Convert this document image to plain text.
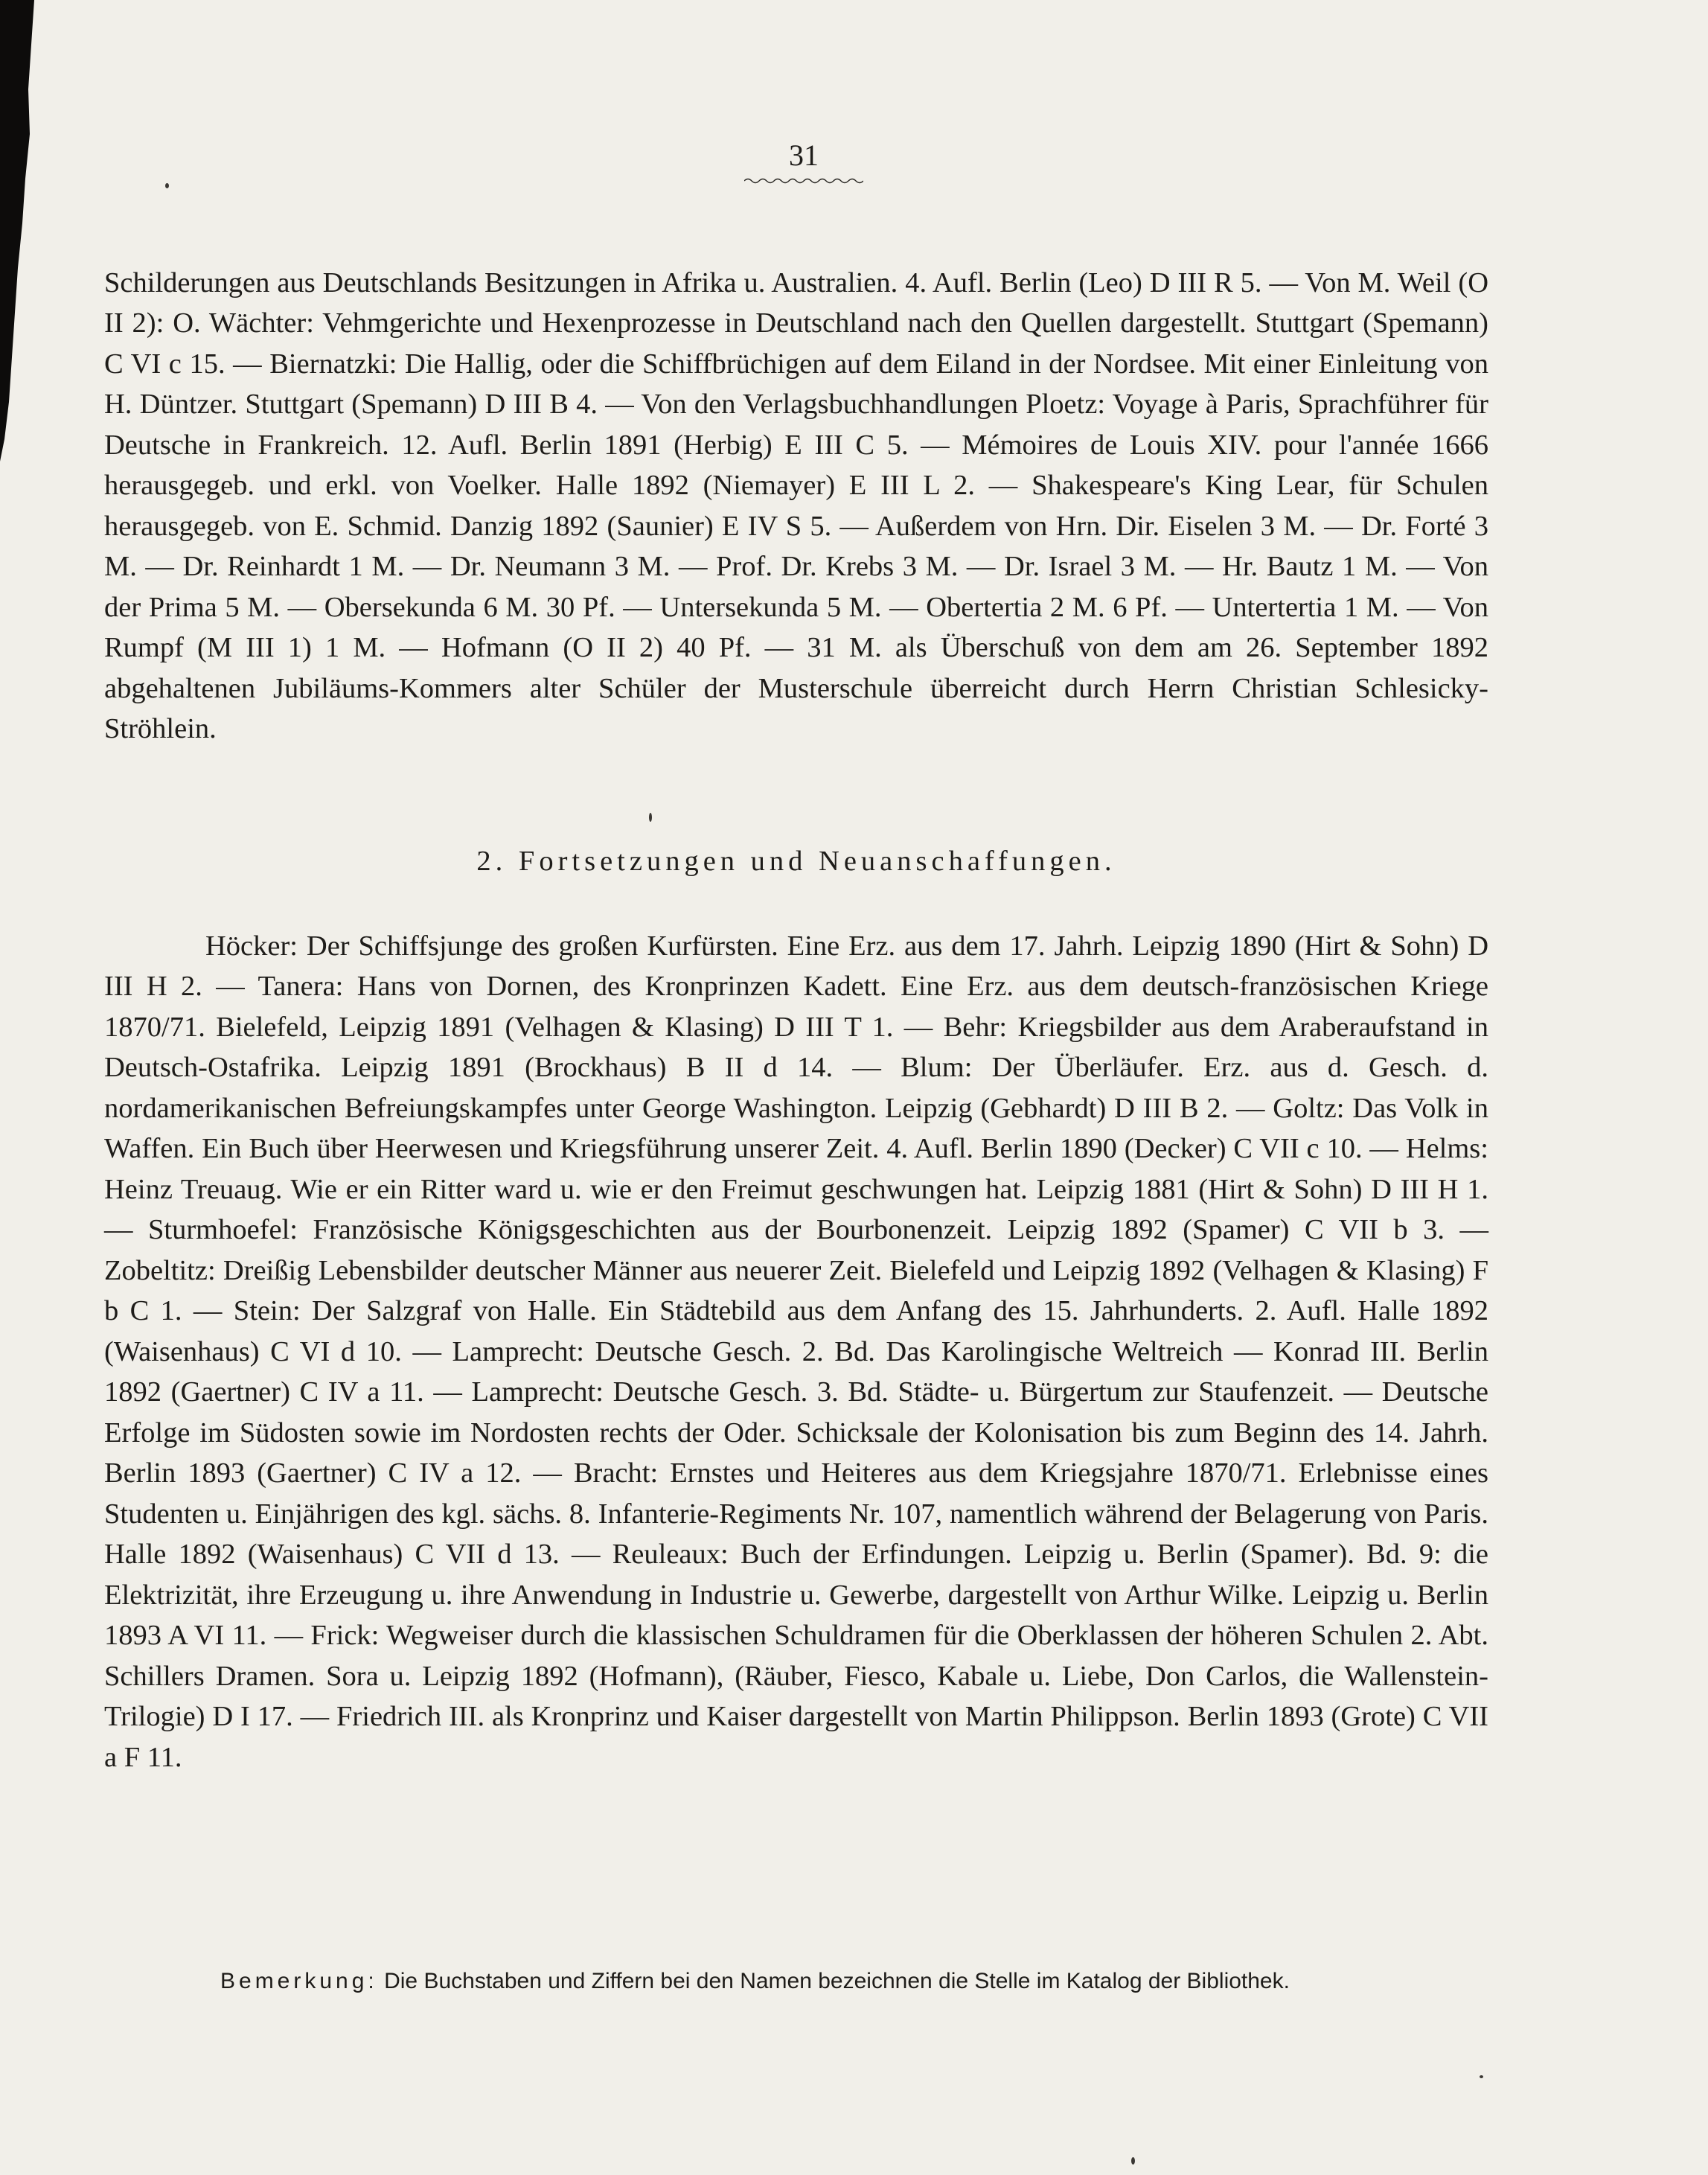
31

Schilderungen aus Deutschlands Besitzungen in Afrika u. Australien. 4. Aufl. Berlin (Leo) D III R 5. — Von M. Weil (O II 2): O. Wächter: Vehmgerichte und Hexenprozesse in Deutschland nach den Quellen dargestellt. Stuttgart (Spemann) C VI c 15. — Biernatzki: Die Hallig, oder die Schiffbrüchigen auf dem Eiland in der Nordsee. Mit einer Einleitung von H. Düntzer. Stuttgart (Spemann) D III B 4. — Von den Verlagsbuchhandlungen Ploetz: Voyage à Paris, Sprachführer für Deutsche in Frankreich. 12. Aufl. Berlin 1891 (Herbig) E III C 5. — Mémoires de Louis XIV. pour l'année 1666 herausgegeb. und erkl. von Voelker. Halle 1892 (Niemayer) E III L 2. — Shakespeare's King Lear, für Schulen herausgegeb. von E. Schmid. Danzig 1892 (Saunier) E IV S 5. — Außerdem von Hrn. Dir. Eiselen 3 M. — Dr. Forté 3 M. — Dr. Reinhardt 1 M. — Dr. Neumann 3 M. — Prof. Dr. Krebs 3 M. — Dr. Israel 3 M. — Hr. Bautz 1 M. — Von der Prima 5 M. — Obersekunda 6 M. 30 Pf. — Untersekunda 5 M. — Obertertia 2 M. 6 Pf. — Untertertia 1 M. — Von Rumpf (M III 1) 1 M. — Hofmann (O II 2) 40 Pf. — 31 M. als Überschuß von dem am 26. September 1892 abgehaltenen Jubiläums-Kommers alter Schüler der Musterschule überreicht durch Herrn Christian Schlesicky-Ströhlein.

2. Fortsetzungen und Neuanschaffungen.

Höcker: Der Schiffsjunge des großen Kurfürsten. Eine Erz. aus dem 17. Jahrh. Leipzig 1890 (Hirt & Sohn) D III H 2. — Tanera: Hans von Dornen, des Kronprinzen Kadett. Eine Erz. aus dem deutsch-französischen Kriege 1870/71. Bielefeld, Leipzig 1891 (Velhagen & Klasing) D III T 1. — Behr: Kriegsbilder aus dem Araberaufstand in Deutsch-Ostafrika. Leipzig 1891 (Brockhaus) B II d 14. — Blum: Der Überläufer. Erz. aus d. Gesch. d. nordamerikanischen Befreiungskampfes unter George Washington. Leipzig (Gebhardt) D III B 2. — Goltz: Das Volk in Waffen. Ein Buch über Heerwesen und Kriegsführung unserer Zeit. 4. Aufl. Berlin 1890 (Decker) C VII c 10. — Helms: Heinz Treuaug. Wie er ein Ritter ward u. wie er den Freimut geschwungen hat. Leipzig 1881 (Hirt & Sohn) D III H 1. — Sturmhoefel: Französische Königsgeschichten aus der Bourbonenzeit. Leipzig 1892 (Spamer) C VII b 3. — Zobeltitz: Dreißig Lebensbilder deutscher Männer aus neuerer Zeit. Bielefeld und Leipzig 1892 (Velhagen & Klasing) F b C 1. — Stein: Der Salzgraf von Halle. Ein Städtebild aus dem Anfang des 15. Jahrhunderts. 2. Aufl. Halle 1892 (Waisenhaus) C VI d 10. — Lamprecht: Deutsche Gesch. 2. Bd. Das Karolingische Weltreich — Konrad III. Berlin 1892 (Gaertner) C IV a 11. — Lamprecht: Deutsche Gesch. 3. Bd. Städte- u. Bürgertum zur Staufenzeit. — Deutsche Erfolge im Südosten sowie im Nordosten rechts der Oder. Schicksale der Kolonisation bis zum Beginn des 14. Jahrh. Berlin 1893 (Gaertner) C IV a 12. — Bracht: Ernstes und Heiteres aus dem Kriegsjahre 1870/71. Erlebnisse eines Studenten u. Einjährigen des kgl. sächs. 8. Infanterie-Regiments Nr. 107, namentlich während der Belagerung von Paris. Halle 1892 (Waisenhaus) C VII d 13. — Reuleaux: Buch der Erfindungen. Leipzig u. Berlin (Spamer). Bd. 9: die Elektrizität, ihre Erzeugung u. ihre Anwendung in Industrie u. Gewerbe, dargestellt von Arthur Wilke. Leipzig u. Berlin 1893 A VI 11. — Frick: Wegweiser durch die klassischen Schuldramen für die Oberklassen der höheren Schulen 2. Abt. Schillers Dramen. Sora u. Leipzig 1892 (Hofmann), (Räuber, Fiesco, Kabale u. Liebe, Don Carlos, die Wallenstein-Trilogie) D I 17. — Friedrich III. als Kronprinz und Kaiser dargestellt von Martin Philippson. Berlin 1893 (Grote) C VII a F 11.

Bemerkung: Die Buchstaben und Ziffern bei den Namen bezeichnen die Stelle im Katalog der Bibliothek.
